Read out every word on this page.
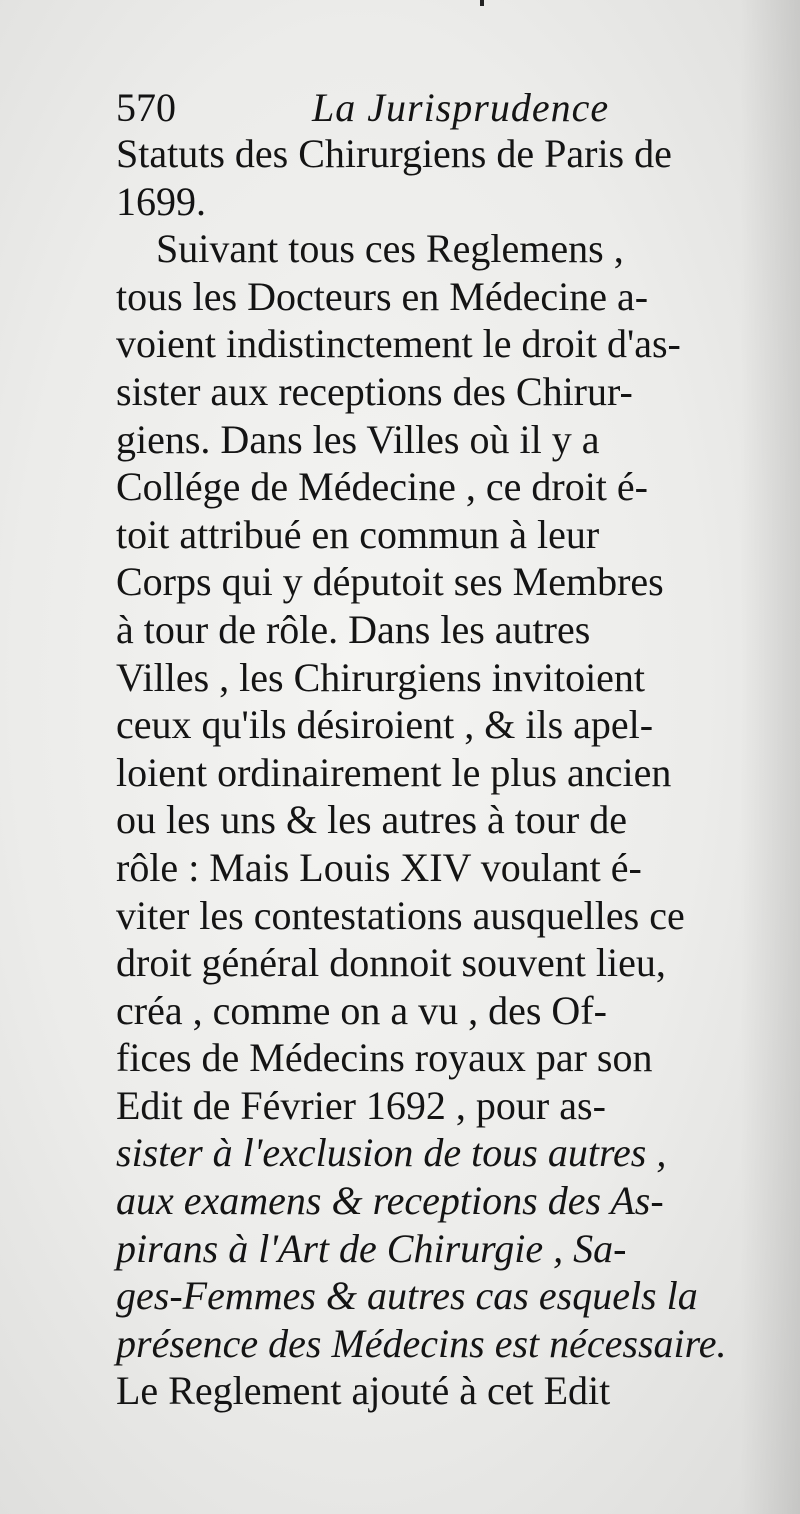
570	La Jurisprudence
Statuts des Chirurgiens de Paris de
1699.
Suivant tous ces Reglemens ,
tous les Docteurs en Médecine a-
voient indistinctement le droit d'as-
sister aux receptions des Chirur-
giens. Dans les Villes où il y a
Collége de Médecine , ce droit é-
toit attribué en commun à leur
Corps qui y députoit ses Membres
à tour de rôle. Dans les autres
Villes , les Chirurgiens invitoient
ceux qu'ils désiroient , & ils apel-
loient ordinairement le plus ancien
ou les uns & les autres à tour de
rôle : Mais Louis XIV voulant é-
viter les contestations ausquelles ce
droit général donnoit souvent lieu,
créa , comme on a vu , des Of-
fices de Médecins royaux par son
Edit de Février 1692 , pour as-
sister à l'exclusion de tous autres ,
aux examens & receptions des As-
pirans à l'Art de Chirurgie , Sa-
ges-Femmes & autres cas esquels la
présence des Médecins est nécessaire.
Le Reglement ajouté à cet Edit
